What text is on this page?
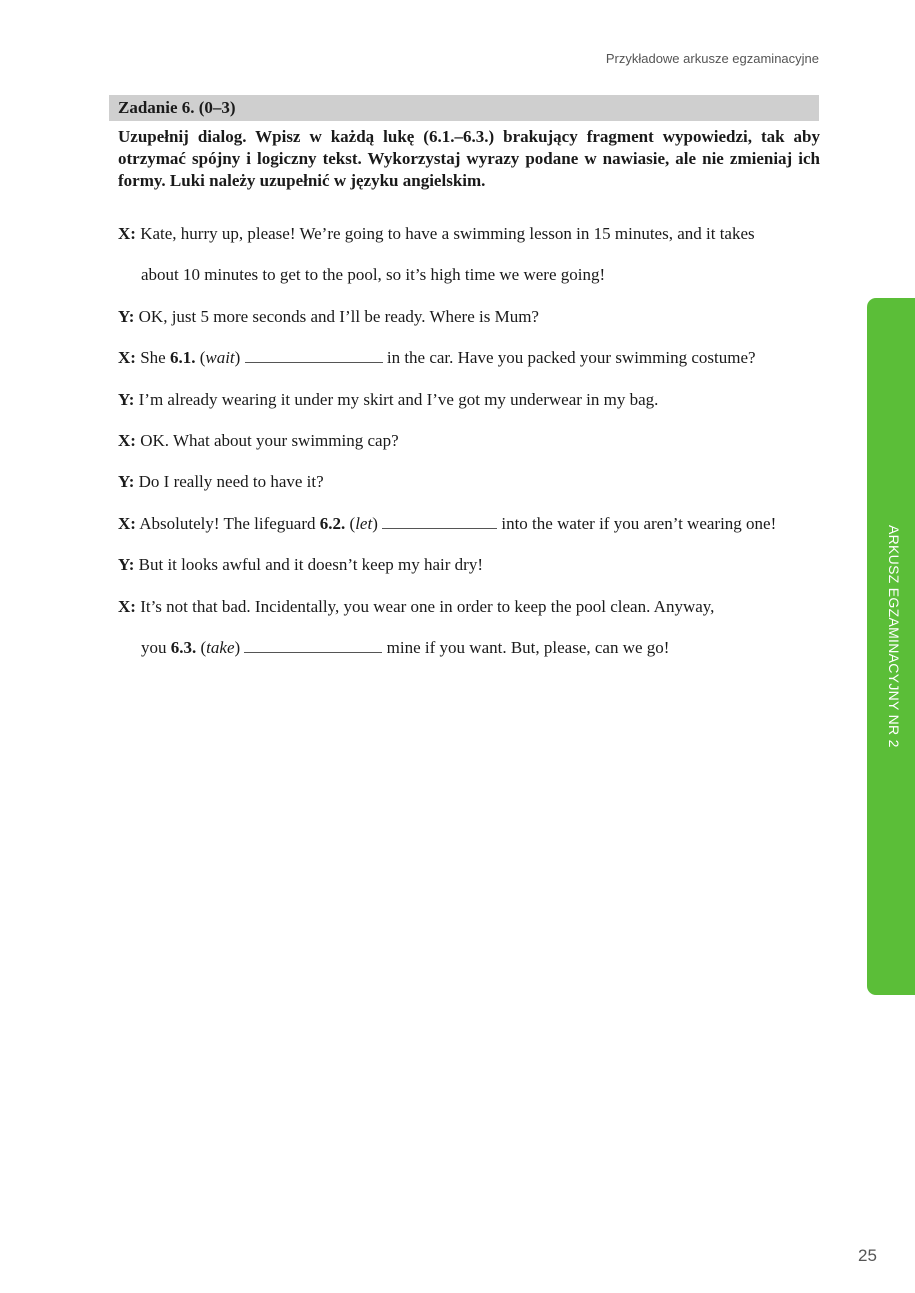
Przykładowe arkusze egzaminacyjne
Zadanie 6. (0–3)
Uzupełnij dialog. Wpisz w każdą lukę (6.1.–6.3.) brakujący fragment wypowiedzi, tak aby otrzymać spójny i logiczny tekst. Wykorzystaj wyrazy podane w nawiasie, ale nie zmieniaj ich formy. Luki należy uzupełnić w języku angielskim.
X: Kate, hurry up, please! We’re going to have a swimming lesson in 15 minutes, and it takes
about 10 minutes to get to the pool, so it’s high time we were going!
Y: OK, just 5 more seconds and I’ll be ready. Where is Mum?
X: She 6.1. (wait)	in the car. Have you packed your swimming costume?
Y: I’m already wearing it under my skirt and I’ve got my underwear in my bag.
X: OK. What about your swimming cap?
Y: Do I really need to have it?
X: Absolutely! The lifeguard 6.2. (let)	into the water if you aren’t wearing one!
Y: But it looks awful and it doesn’t keep my hair dry!
X: It’s not that bad. Incidentally, you wear one in order to keep the pool clean. Anyway,
you 6.3. (take)	mine if you want. But, please, can we go!	ARKUSZ EGZAMINACYJNY NR 2
25
